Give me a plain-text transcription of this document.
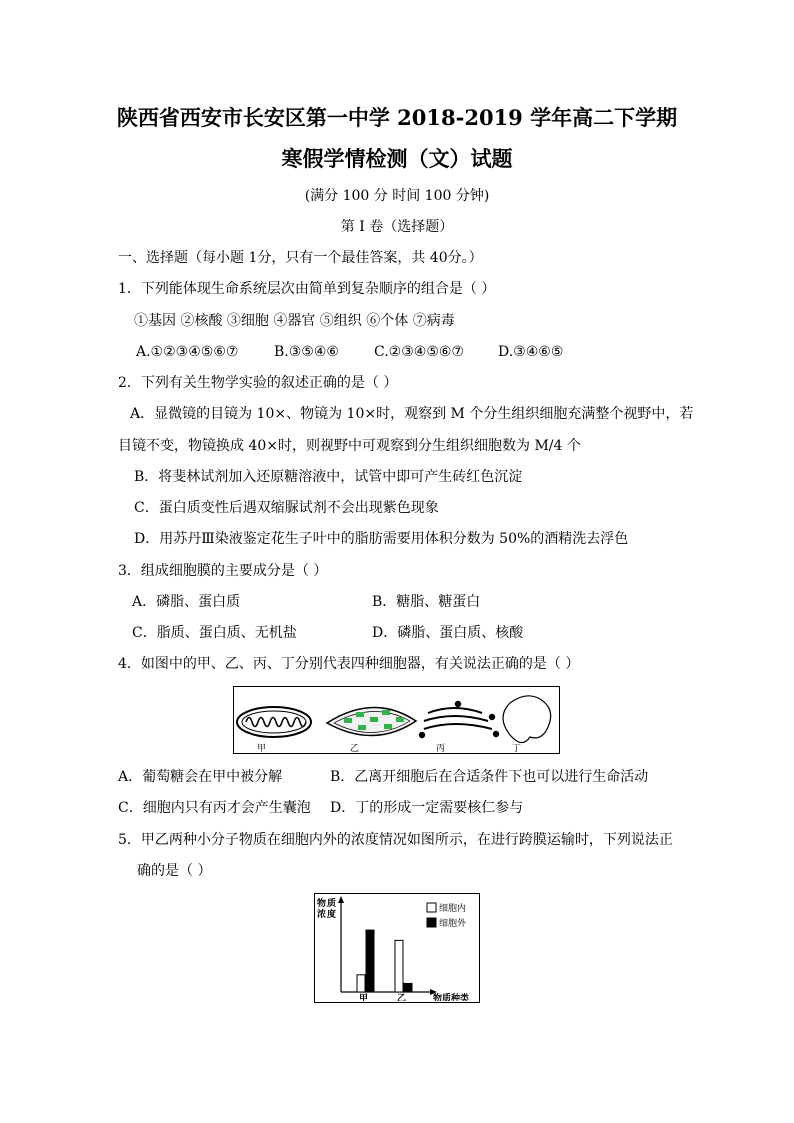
陕西省西安市长安区第一中学 2018-2019 学年高二下学期
寒假学情检测（文）试题
(满分 100 分 时间 100 分钟)
第 I 卷（选择题）
一、选择题（每小题 1分，只有一个最佳答案，共 40分。）
1．下列能体现生命系统层次由简单到复杂顺序的组合是（ ）
①基因 ②核酸 ③细胞 ④器官 ⑤组织 ⑥个体 ⑦病毒
A.①②③④⑤⑥⑦	B.③⑤④⑥	C.②③④⑤⑥⑦ D.③④⑥⑤
2．下列有关生物学实验的叙述正确的是（ ）
A．显微镜的目镜为 10×、物镜为 10×时，观察到 M 个分生组织细胞充满整个视野中，若
目镜不变，物镜换成 40×时，则视野中可观察到分生组织细胞数为 M/4 个
B．将斐林试剂加入还原糖溶液中，试管中即可产生砖红色沉淀
C．蛋白质变性后遇双缩脲试剂不会出现紫色现象
D．用苏丹Ⅲ染液鉴定花生子叶中的脂肪需要用体积分数为 50%的酒精洗去浮色
3．组成细胞膜的主要成分是（ ）
A．磷脂、蛋白质	B．糖脂、糖蛋白
C．脂质、蛋白质、无机盐	D．磷脂、蛋白质、核酸
4．如图中的甲、乙、丙、丁分别代表四种细胞器，有关说法正确的是（ ）
甲	乙	丙	丁
A．葡萄糖会在甲中被分解	B．乙离开细胞后在合适条件下也可以进行生命活动
C．细胞内只有丙才会产生囊泡 D．丁的形成一定需要核仁参与
5．甲乙两种小分子物质在细胞内外的浓度情况如图所示，在进行跨膜运输时，下列说法正
确的是（ ）
物质浓度
甲	乙	物质种类
细胞内
细胞外
